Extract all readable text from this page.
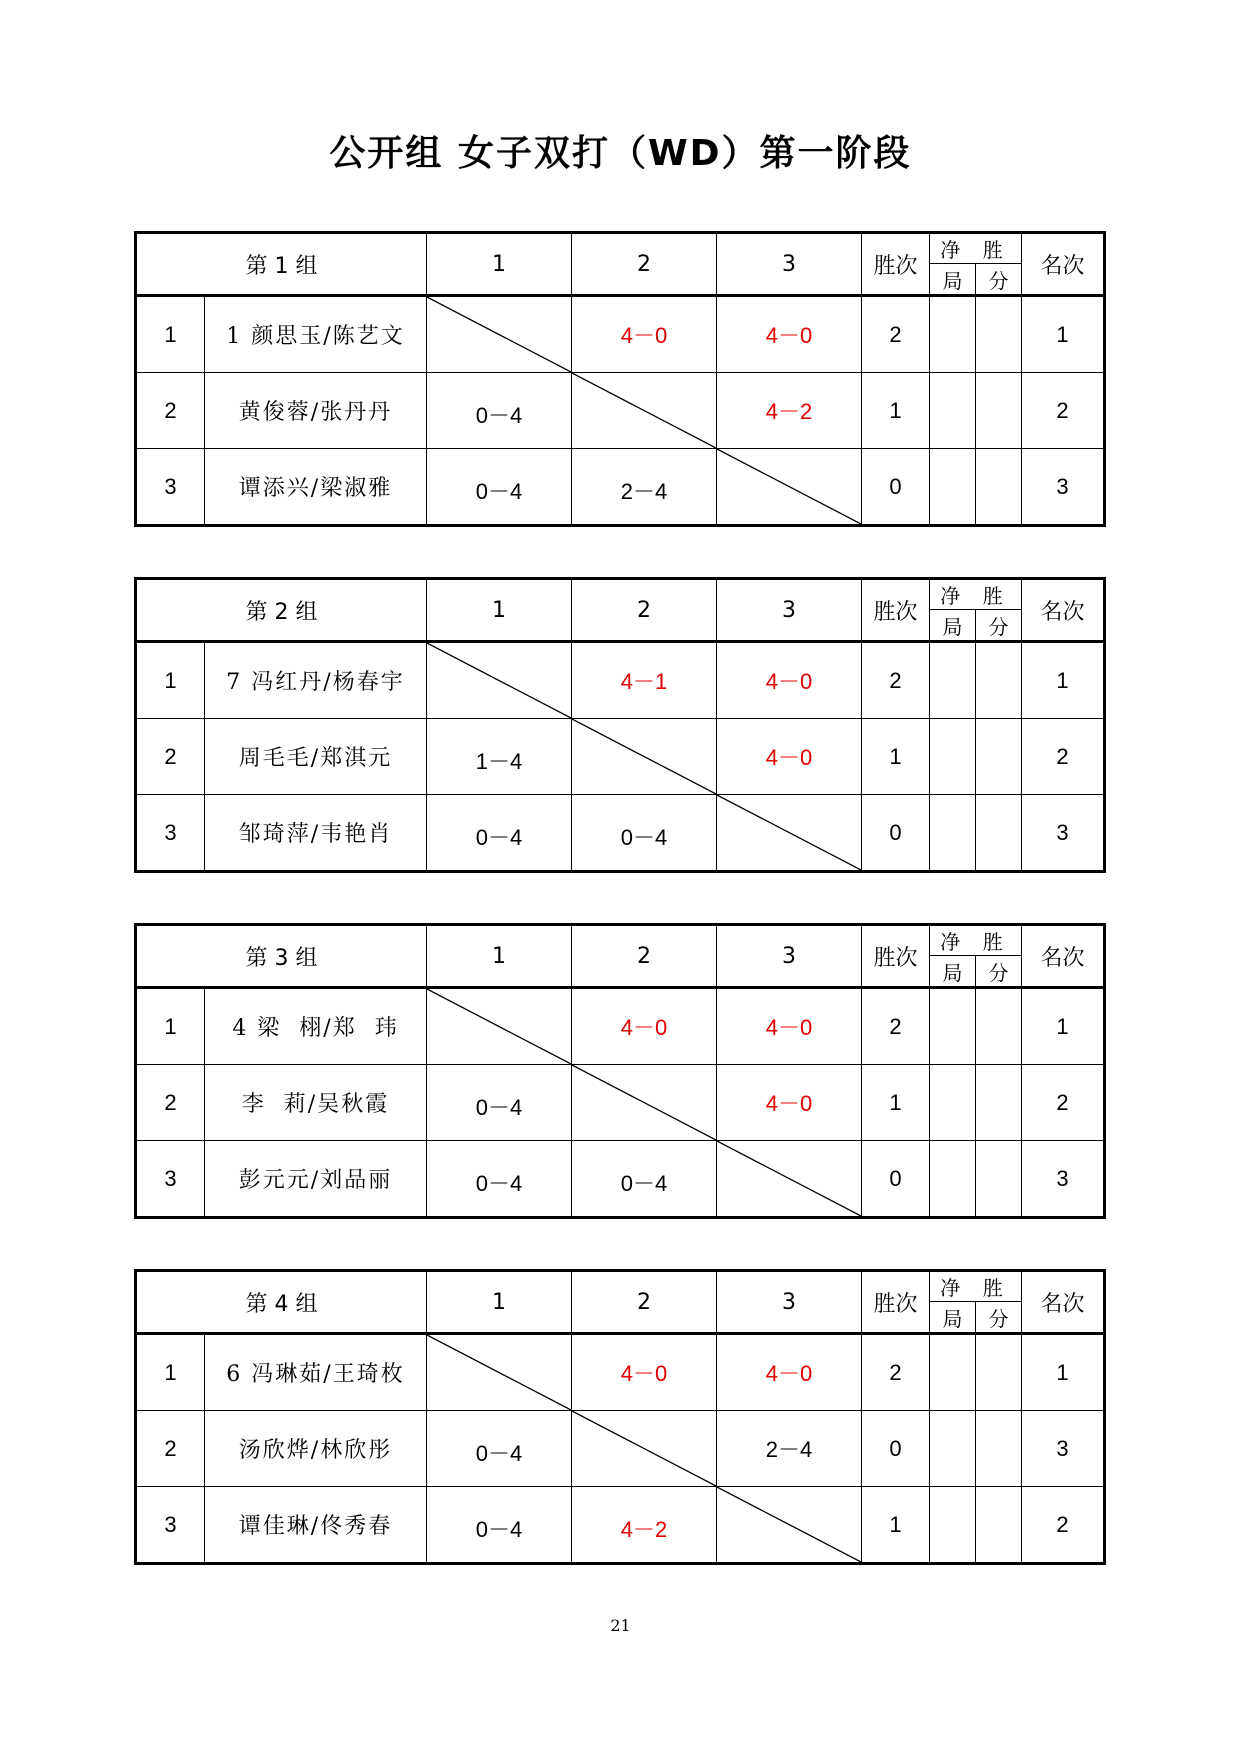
公开组 女子双打（WD）第一阶段
第 1 组		1	2	3	胜次	净 胜		名次
						局	分	
1	1 颜思玉/陈艺文		4－0	4－0	2			1
2	黄俊蓉/张丹丹	0－4		4－2	1			2
3	谭添兴/梁淑雅	0－4	2－4		0			3
第 2 组		1	2	3	胜次	净 胜		名次
						局	分	
1	7 冯红丹/杨春宇		4－1	4－0	2			1
2	周毛毛/郑淇元	1－4		4－0	1			2
3	邹琦萍/韦艳肖	0－4	0－4		0			3
第 3 组		1	2	3	胜次	净 胜		名次
						局	分	
1	4 梁  栩/郑  玮		4－0	4－0	2			1
2	李  莉/吴秋霞	0－4		4－0	1			2
3	彭元元/刘品丽	0－4	0－4		0			3
第 4 组		1	2	3	胜次	净 胜		名次
						局	分	
1	6 冯琳茹/王琦枚		4－0	4－0	2			1
2	汤欣烨/林欣彤	0－4		2－4	0			3
3	谭佳琳/佟秀春	0－4	4－2		1			2
21
